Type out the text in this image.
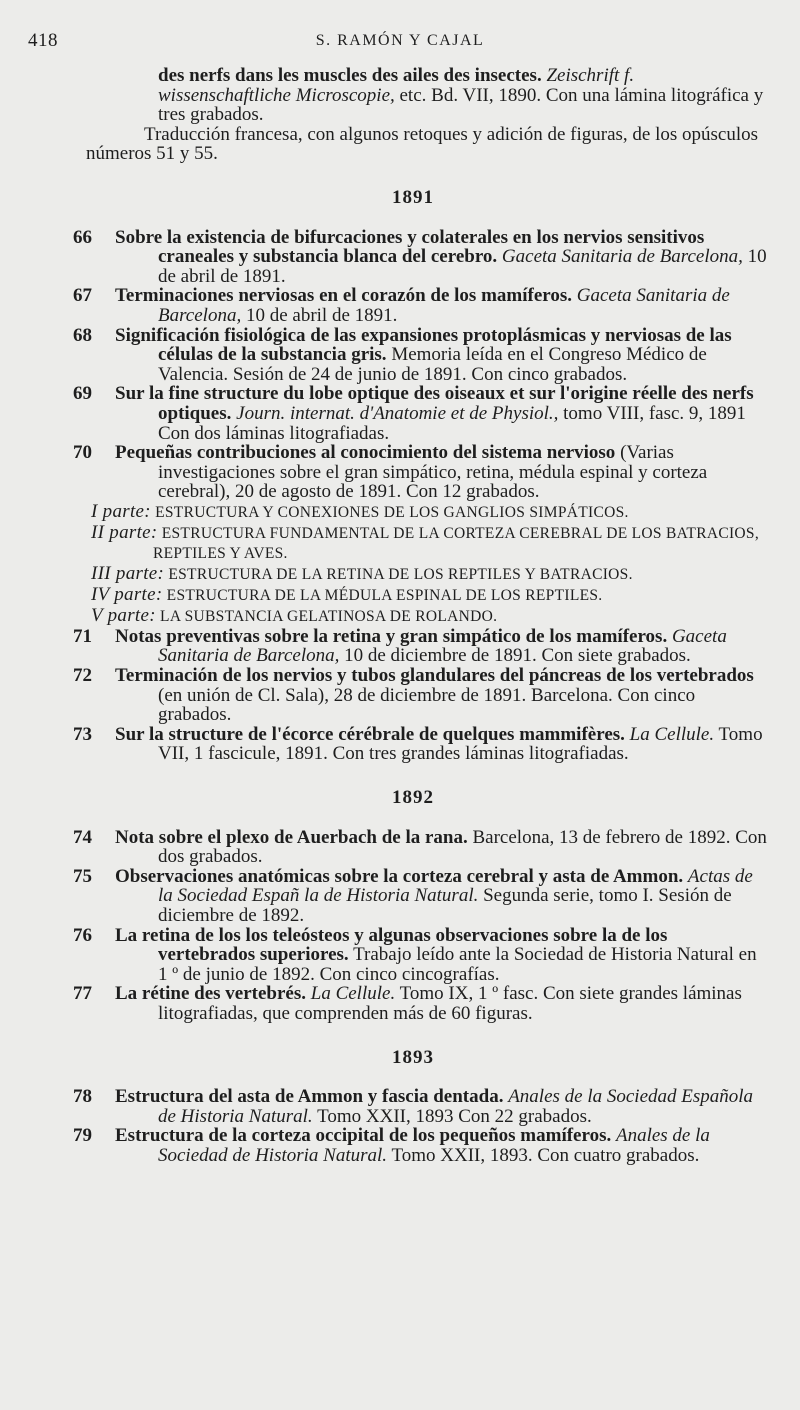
418	S. RAMÓN Y CAJAL

des nerfs dans les muscles des ailes des insectes. Zeischrift f. wissenschaftliche Microscopie, etc. Bd. VII, 1890. Con una lámina litográfica y tres grabados.

Traducción francesa, con algunos retoques y adición de figuras, de los opúsculos números 51 y 55.

1891

66 Sobre la existencia de bifurcaciones y colaterales en los nervios sensitivos craneales y substancia blanca del cerebro. Gaceta Sanitaria de Barcelona, 10 de abril de 1891.

67 Terminaciones nerviosas en el corazón de los mamíferos. Gaceta Sanitaria de Barcelona, 10 de abril de 1891.

68 Significación fisiológica de las expansiones protoplásmicas y nerviosas de las células de la substancia gris. Memoria leída en el Congreso Médico de Valencia. Sesión de 24 de junio de 1891. Con cinco grabados.

69 Sur la fine structure du lobe optique des oiseaux et sur l'origine réelle des nerfs optiques. Journ. internat. d'Anatomie et de Physiol., tomo VIII, fasc. 9, 1891 Con dos láminas litografiadas.

70 Pequeñas contribuciones al conocimiento del sistema nervioso (Varias investigaciones sobre el gran simpático, retina, médula espinal y corteza cerebral), 20 de agosto de 1891. Con 12 grabados.

I parte: ESTRUCTURA Y CONEXIONES DE LOS GANGLIOS SIMPÁTICOS.

II parte: ESTRUCTURA FUNDAMENTAL DE LA CORTEZA CEREBRAL DE LOS BATRACIOS, REPTILES Y AVES.

III parte: ESTRUCTURA DE LA RETINA DE LOS REPTILES Y BATRACIOS.

IV parte: ESTRUCTURA DE LA MÉDULA ESPINAL DE LOS REPTILES.

V parte: LA SUBSTANCIA GELATINOSA DE ROLANDO.

71 Notas preventivas sobre la retina y gran simpático de los mamíferos. Gaceta Sanitaria de Barcelona, 10 de diciembre de 1891. Con siete grabados.

72 Terminación de los nervios y tubos glandulares del páncreas de los vertebrados (en unión de Cl. Sala), 28 de diciembre de 1891. Barcelona. Con cinco grabados.

73 Sur la structure de l'écorce cérébrale de quelques mammifères. La Cellule. Tomo VII, 1 fascicule, 1891. Con tres grandes láminas litografiadas.

1892

74 Nota sobre el plexo de Auerbach de la rana. Barcelona, 13 de febrero de 1892. Con dos grabados.

75 Observaciones anatómicas sobre la corteza cerebral y asta de Ammon. Actas de la Sociedad Españ la de Historia Natural. Segunda serie, tomo I. Sesión de diciembre de 1892.

76 La retina de los los teleósteos y algunas observaciones sobre la de los vertebrados superiores. Trabajo leído ante la Sociedad de Historia Natural en 1 º de junio de 1892. Con cinco cincografías.

77 La rétine des vertebrés. La Cellule. Tomo IX, 1 º fasc. Con siete grandes láminas litografiadas, que comprenden más de 60 figuras.

1893

78 Estructura del asta de Ammon y fascia dentada. Anales de la Sociedad Española de Historia Natural. Tomo XXII, 1893 Con 22 grabados.

79 Estructura de la corteza occipital de los pequeños mamíferos. Anales de la Sociedad de Historia Natural. Tomo XXII, 1893. Con cuatro grabados.
